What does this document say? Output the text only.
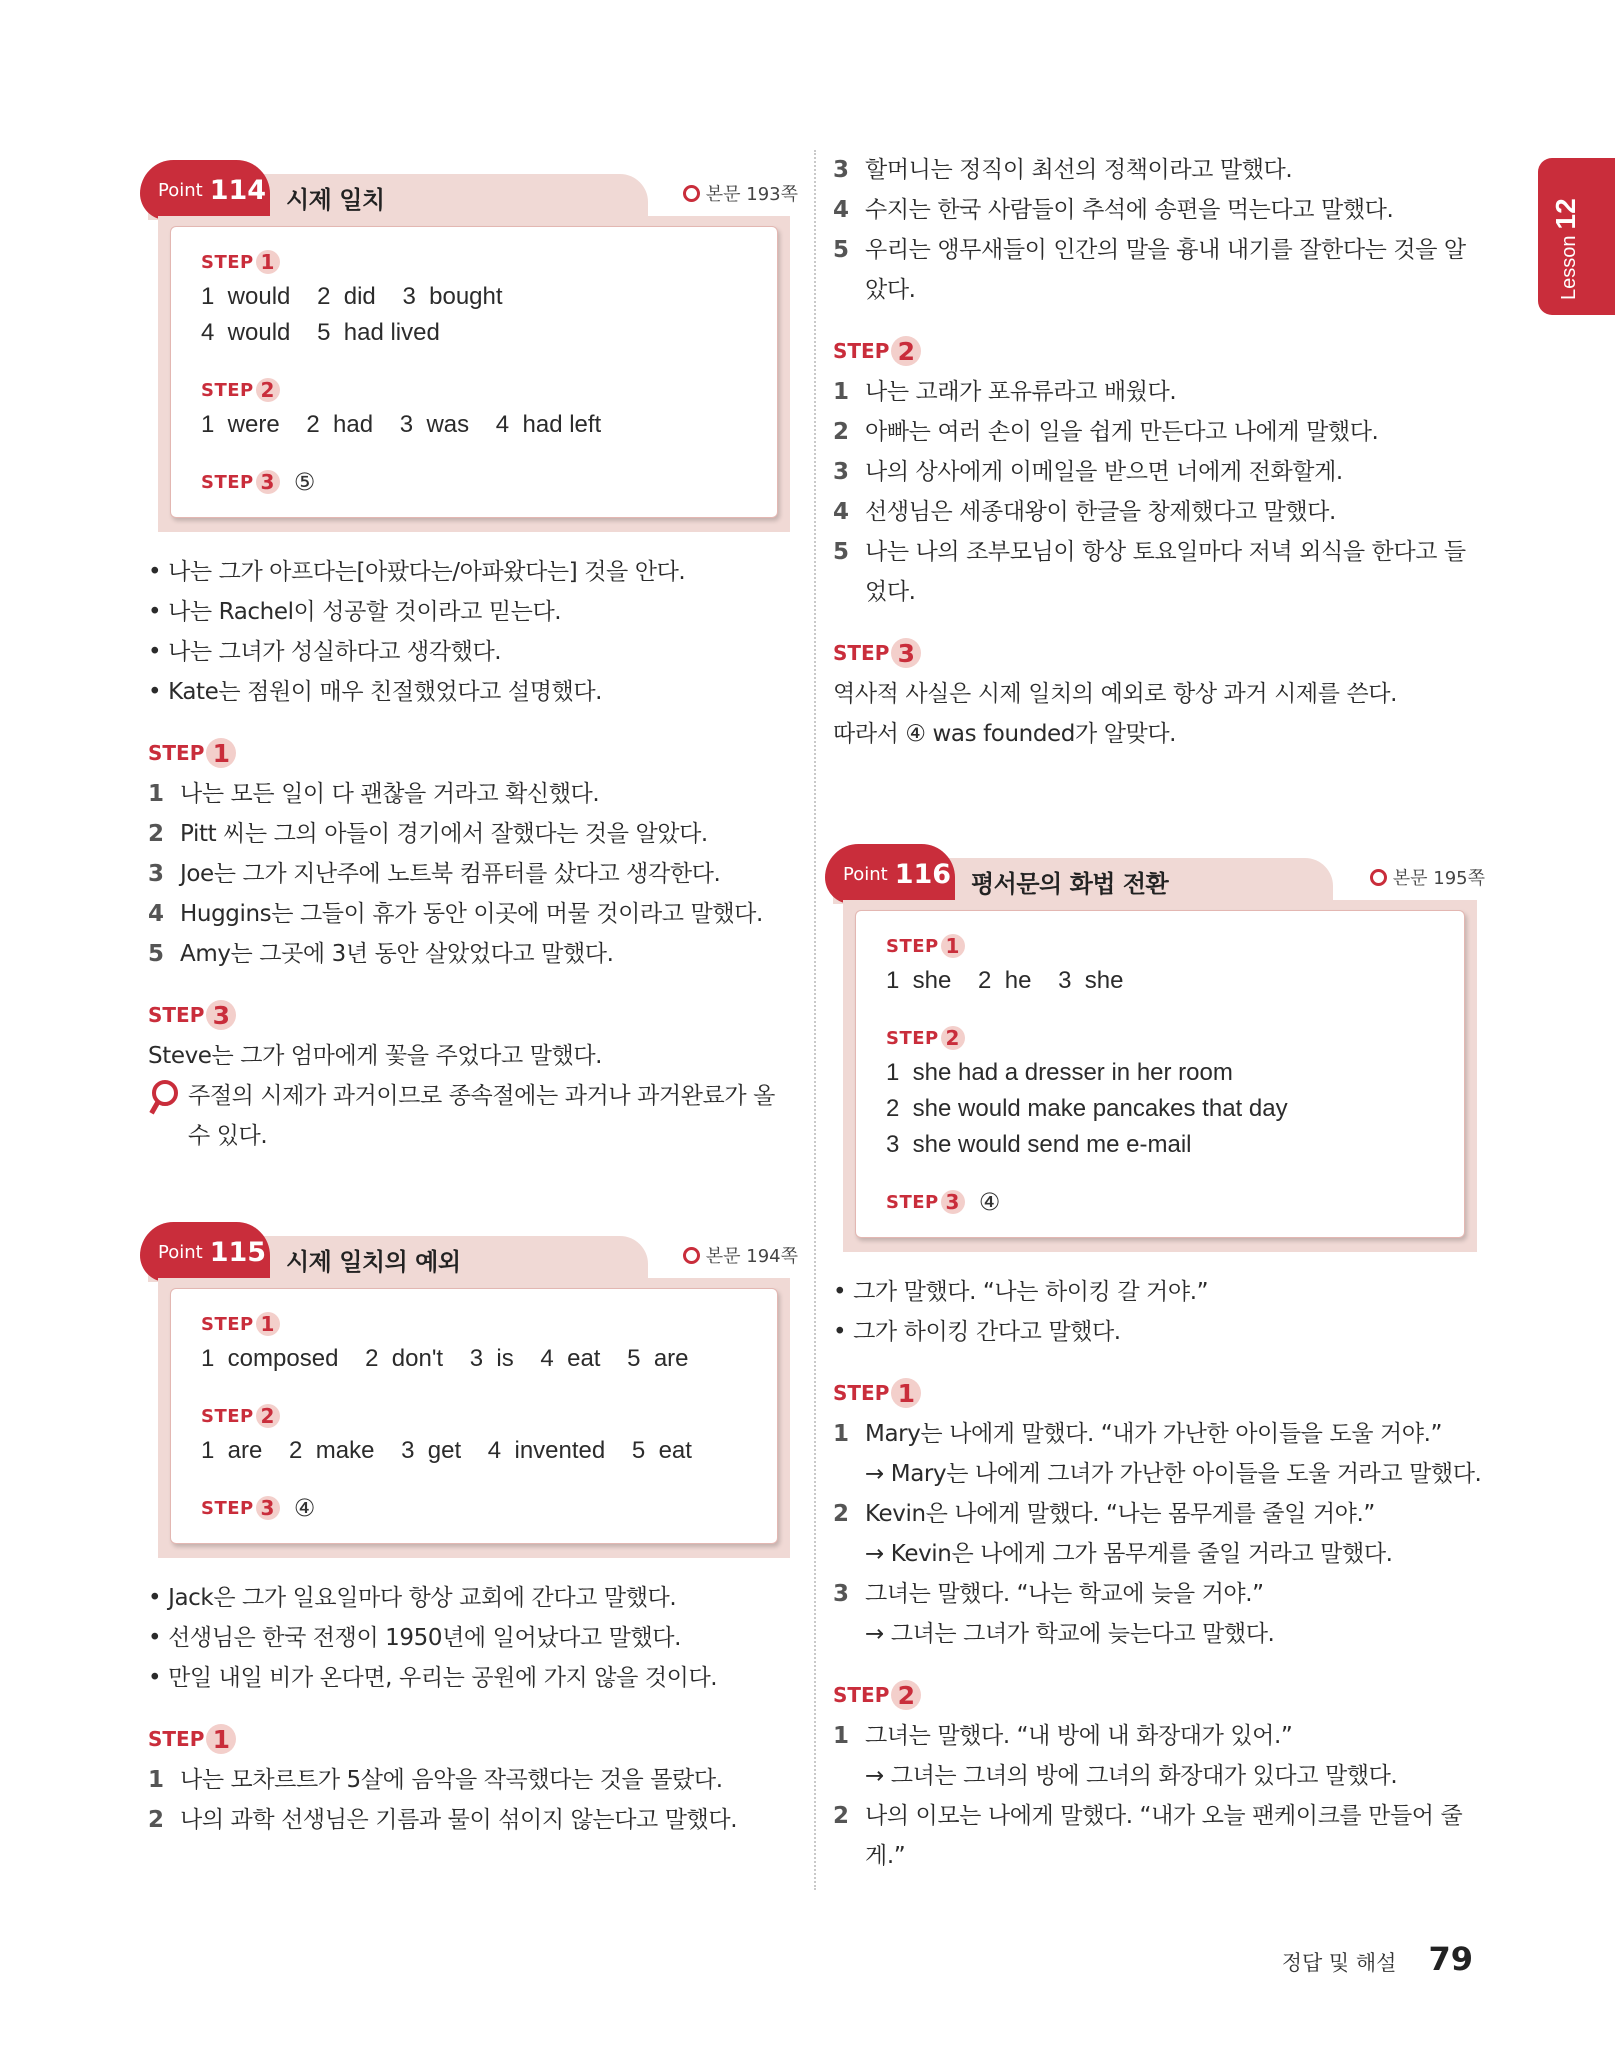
Lesson12
Point 114 시제 일치	본문 193쪽
STEP 1
1  would    2  did    3  bought
4  would    5  had lived
STEP 2
1  were    2  had    3  was    4  had left
STEP 3 ⑤
• 나는 그가 아프다는[아팠다는/아파왔다는] 것을 안다.
• 나는 Rachel이 성공할 것이라고 믿는다.
• 나는 그녀가 성실하다고 생각했다.
• Kate는 점원이 매우 친절했었다고 설명했다.
STEP 1
1 나는 모든 일이 다 괜찮을 거라고 확신했다.
2 Pitt 씨는 그의 아들이 경기에서 잘했다는 것을 알았다.
3 Joe는 그가 지난주에 노트북 컴퓨터를 샀다고 생각한다.
4 Huggins는 그들이 휴가 동안 이곳에 머물 것이라고 말했다.
5 Amy는 그곳에 3년 동안 살았었다고 말했다.
STEP 3
Steve는 그가 엄마에게 꽃을 주었다고 말했다.
주절의 시제가 과거이므로 종속절에는 과거나 과거완료가 올 수 있다.
Point 115 시제 일치의 예외	본문 194쪽
STEP 1
1  composed    2  don't    3  is    4  eat    5  are
STEP 2
1  are    2  make    3  get    4  invented    5  eat
STEP 3 ④
• Jack은 그가 일요일마다 항상 교회에 간다고 말했다.
• 선생님은 한국 전쟁이 1950년에 일어났다고 말했다.
• 만일 내일 비가 온다면, 우리는 공원에 가지 않을 것이다.
STEP 1
1 나는 모차르트가 5살에 음악을 작곡했다는 것을 몰랐다.
2 나의 과학 선생님은 기름과 물이 섞이지 않는다고 말했다.
3 할머니는 정직이 최선의 정책이라고 말했다.
4 수지는 한국 사람들이 추석에 송편을 먹는다고 말했다.
5 우리는 앵무새들이 인간의 말을 흉내 내기를 잘한다는 것을 알았다.
STEP 2
1 나는 고래가 포유류라고 배웠다.
2 아빠는 여러 손이 일을 쉽게 만든다고 나에게 말했다.
3 나의 상사에게 이메일을 받으면 너에게 전화할게.
4 선생님은 세종대왕이 한글을 창제했다고 말했다.
5 나는 나의 조부모님이 항상 토요일마다 저녁 외식을 한다고 들었다.
STEP 3
역사적 사실은 시제 일치의 예외로 항상 과거 시제를 쓴다.
따라서 ④ was founded가 알맞다.
Point 116 평서문의 화법 전환	본문 195쪽
STEP 1
1  she    2  he    3  she
STEP 2
1  she had a dresser in her room
2  she would make pancakes that day
3  she would send me e-mail
STEP 3 ④
• 그가 말했다. “나는 하이킹 갈 거야.”
• 그가 하이킹 간다고 말했다.
STEP 1
1 Mary는 나에게 말했다. “내가 가난한 아이들을 도울 거야.”
→ Mary는 나에게 그녀가 가난한 아이들을 도울 거라고 말했다.
2 Kevin은 나에게 말했다. “나는 몸무게를 줄일 거야.”
→ Kevin은 나에게 그가 몸무게를 줄일 거라고 말했다.
3 그녀는 말했다. “나는 학교에 늦을 거야.”
→ 그녀는 그녀가 학교에 늦는다고 말했다.
STEP 2
1 그녀는 말했다. “내 방에 내 화장대가 있어.”
→ 그녀는 그녀의 방에 그녀의 화장대가 있다고 말했다.
2 나의 이모는 나에게 말했다. “내가 오늘 팬케이크를 만들어 줄게.”
정답 및 해설 79
